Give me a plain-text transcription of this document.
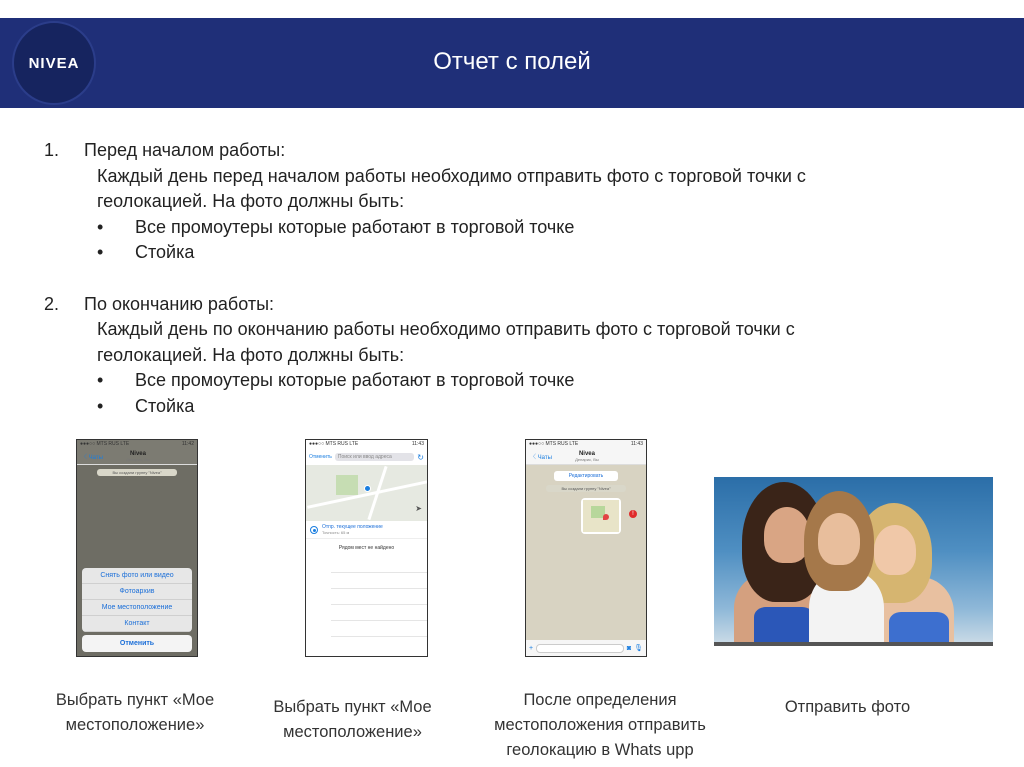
NIVEA	Отчет с полей
1.	Перед началом работы:
Каждый день перед началом работы необходимо отправить фото с торговой точки с
геолокацией. На фото должны быть:
•	Все промоутеры которые работают в торговой точке
•	Стойка
2.	По окончанию работы:
Каждый день по окончанию работы необходимо отправить фото с торговой точки с
геолокацией. На фото должны быть:
•	Все промоутеры которые работают в торговой точке
•	Стойка
●●●○○ MTS RUS LTE	11:42
〈 Чаты
Nivea
Денарис, Вы
Вы создали группу "Nivea"
Снять фото или видео
Фотоархив
Мое местоположение
Контакт
Отменить
●●●○○ MTS RUS LTE	11:43
Отменить	Поиск или ввод адреса	↻
➤
Отпр. текущее положение
Точность: 65 м
Рядом мест не найдено
●●●○○ MTS RUS LTE	11:43
〈 Чаты
Nivea
Денарис, Вы
Редактировать
Вы создали группу "Nivea"
!
+	◙ 🎙
Выбрать пункт «Мое местоположение»
Выбрать пункт «Мое местоположение»
После определения местоположения отправить геолокацию в Whats upp
Отправить фото
